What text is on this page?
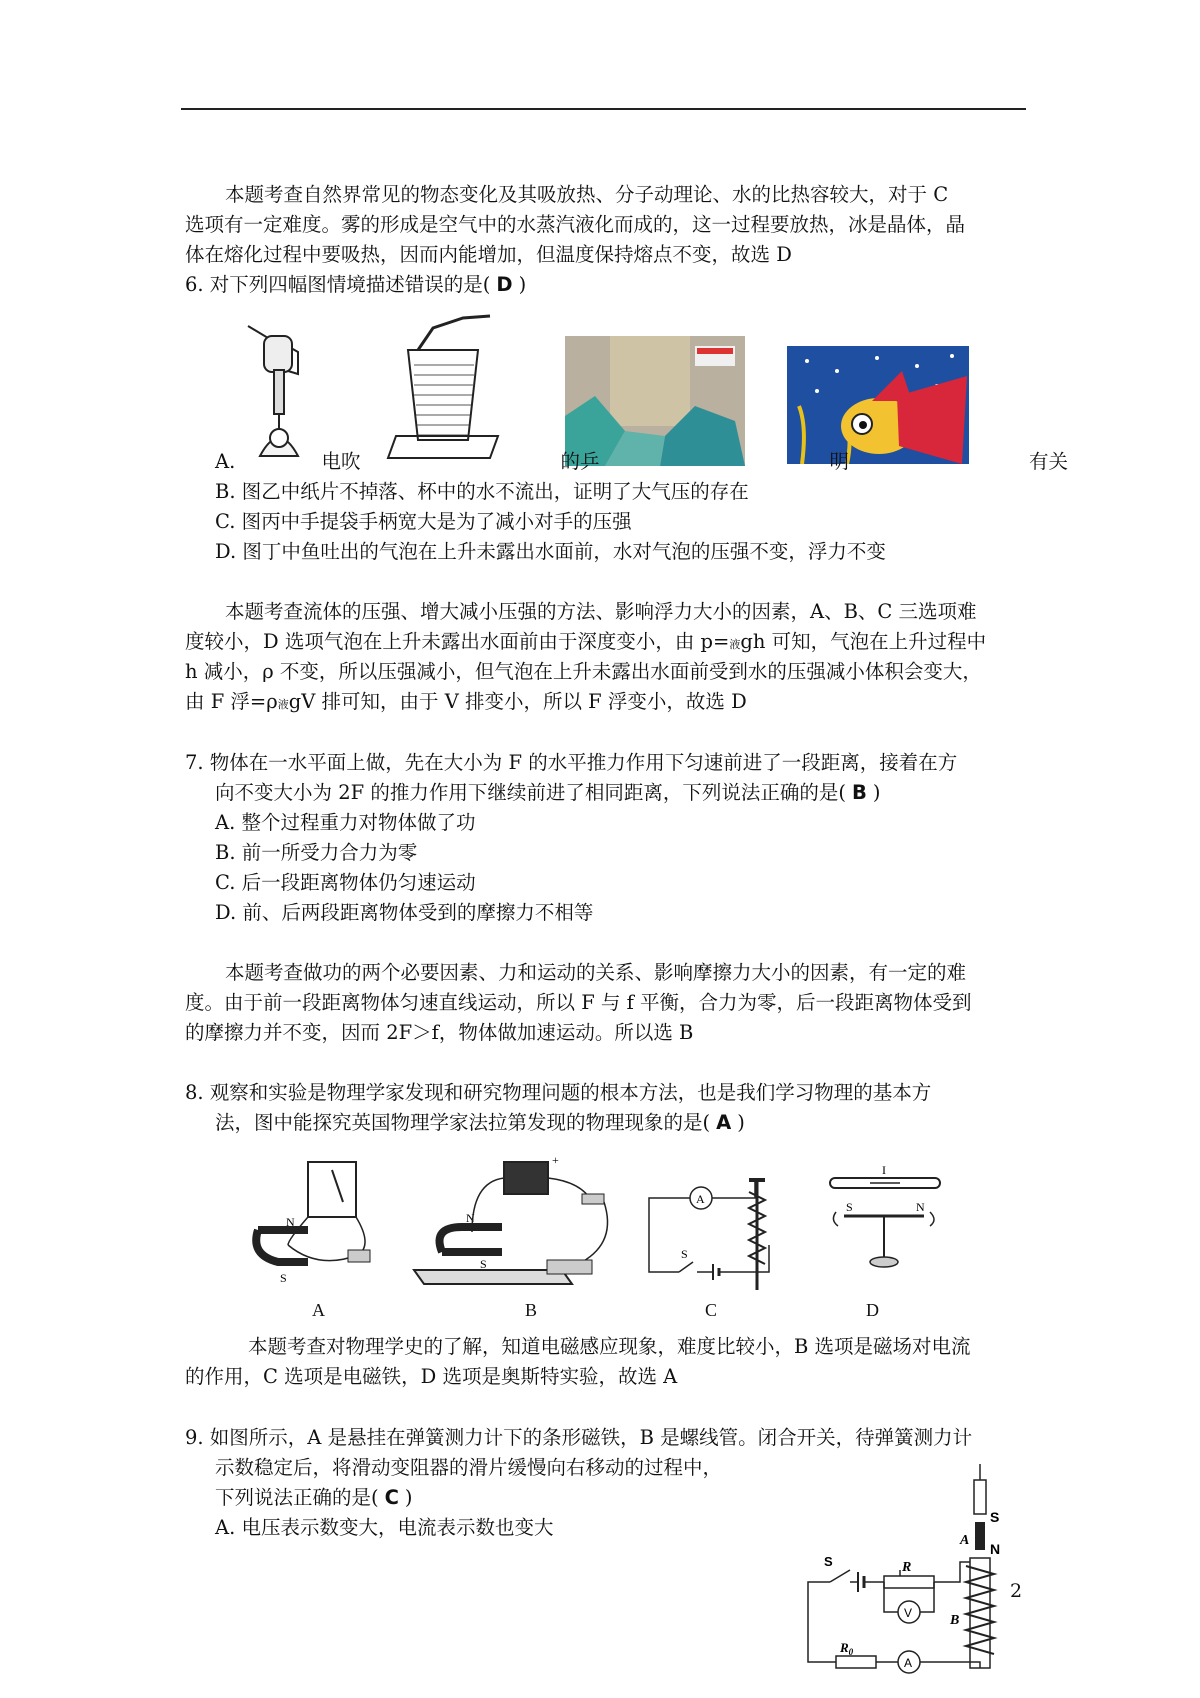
本题考查自然界常见的物态变化及其吸放热、分子动理论、水的比热容较大，对于 C
选项有一定难度。雾的形成是空气中的水蒸汽液化而成的，这一过程要放热，冰是晶体，晶
体在熔化过程中要吸热，因而内能增加，但温度保持熔点不变，故选 D
6. 对下列四幅图情境描述错误的是( D )
A.	电吹	的乒	明	有关
B. 图乙中纸片不掉落、杯中的水不流出，证明了大气压的存在
C. 图丙中手提袋手柄宽大是为了减小对手的压强
D. 图丁中鱼吐出的气泡在上升未露出水面前，水对气泡的压强不变，浮力不变
本题考查流体的压强、增大减小压强的方法、影响浮力大小的因素，A、B、C 三选项难
度较小，D 选项气泡在上升未露出水面前由于深度变小，由 p=液gh 可知，气泡在上升过程中
h 减小，ρ 不变，所以压强减小，但气泡在上升未露出水面前受到水的压强减小体积会变大，
由 F 浮=ρ液gV 排可知，由于 V 排变小，所以 F 浮变小，故选 D
7. 物体在一水平面上做，先在大小为 F 的水平推力作用下匀速前进了一段距离，接着在方
向不变大小为 2F 的推力作用下继续前进了相同距离，下列说法正确的是( B )
A. 整个过程重力对物体做了功
B. 前一所受力合力为零
C. 后一段距离物体仍匀速运动
D. 前、后两段距离物体受到的摩擦力不相等
本题考查做功的两个必要因素、力和运动的关系、影响摩擦力大小的因素，有一定的难
度。由于前一段距离物体匀速直线运动，所以 F 与 f 平衡，合力为零，后一段距离物体受到
的摩擦力并不变，因而 2F＞f，物体做加速运动。所以选 B
8. 观察和实验是物理学家发现和研究物理问题的根本方法，也是我们学习物理的基本方
法，图中能探究英国物理学家法拉第发现的物理现象的是( A )
N
S
+
N
S
A
S
I
S	N
A	B	C	D
本题考查对物理学史的了解，知道电磁感应现象，难度比较小，B 选项是磁场对电流
的作用，C 选项是电磁铁，D 选项是奥斯特实验，故选 A
9. 如图所示，A 是悬挂在弹簧测力计下的条形磁铁，B 是螺线管。闭合开关，待弹簧测力计
示数稳定后，将滑动变阻器的滑片缓慢向右移动的过程中，
下列说法正确的是( C )
A. 电压表示数变大，电流表示数也变大	S
N
A
B
S	R
V
$R_0$
A
2
